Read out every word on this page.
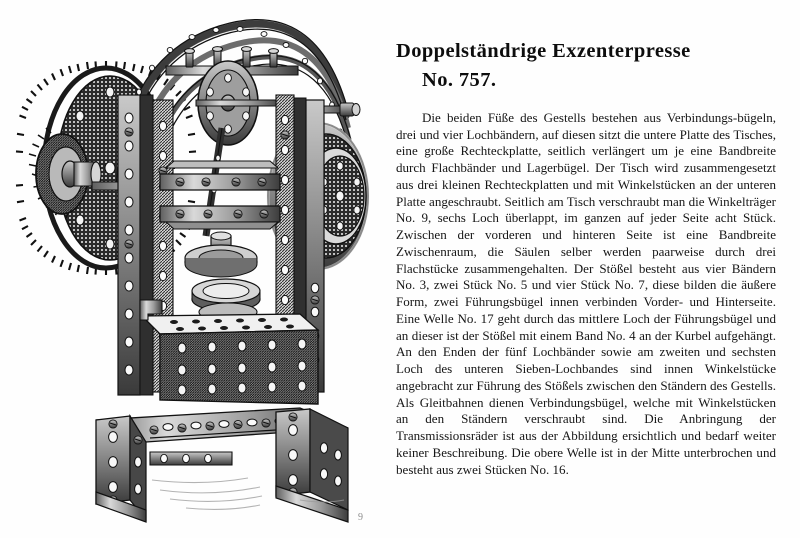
Doppelständrige Exzenterpresse
No. 757.

Die beiden Füße des Gestells bestehen aus Verbindungs‑bügeln, drei und vier Lochbändern, auf diesen sitzt die untere Platte des Tisches, eine große Rechteckplatte, seitlich verlängert um je eine Bandbreite durch Flachbänder und Lagerbügel. Der Tisch wird zusammengesetzt aus drei kleinen Rechteckplatten und mit Winkelstücken an der unteren Platte angeschraubt. Seitlich am Tisch verschraubt man die Winkelträger No. 9, sechs Loch überlappt, im ganzen auf jeder Seite acht Stück. Zwischen der vorderen und hinteren Seite ist eine Bandbreite Zwischenraum, die Säulen selber werden paarweise durch drei Flachstücke zusammengehalten. Der Stößel besteht aus vier Bändern No. 3, zwei Stück No. 5 und vier Stück No. 7, diese bilden die äußere Form, zwei Führungsbügel innen verbinden Vorder‑ und Hinterseite. Eine Welle No. 17 geht durch das mittlere Loch der Führungsbügel und an dieser ist der Stößel mit einem Band No. 4 an der Kurbel aufgehängt. An den Enden der fünf Lochbänder sowie am zweiten und sechsten Loch des unteren Sieben‑Lochbandes sind innen Winkelstücke angebracht zur Führung des Stößels zwischen den Ständern des Gestells. Als Gleitbahnen dienen Verbindungsbügel, welche mit Winkelstücken an den Ständern verschraubt sind. Die Anbringung der Transmissionsräder ist aus der Abbildung ersichtlich und bedarf weiter keiner Beschreibung. Die obere Welle ist in der Mitte unterbrochen und besteht aus zwei Stücken No. 16.

9
